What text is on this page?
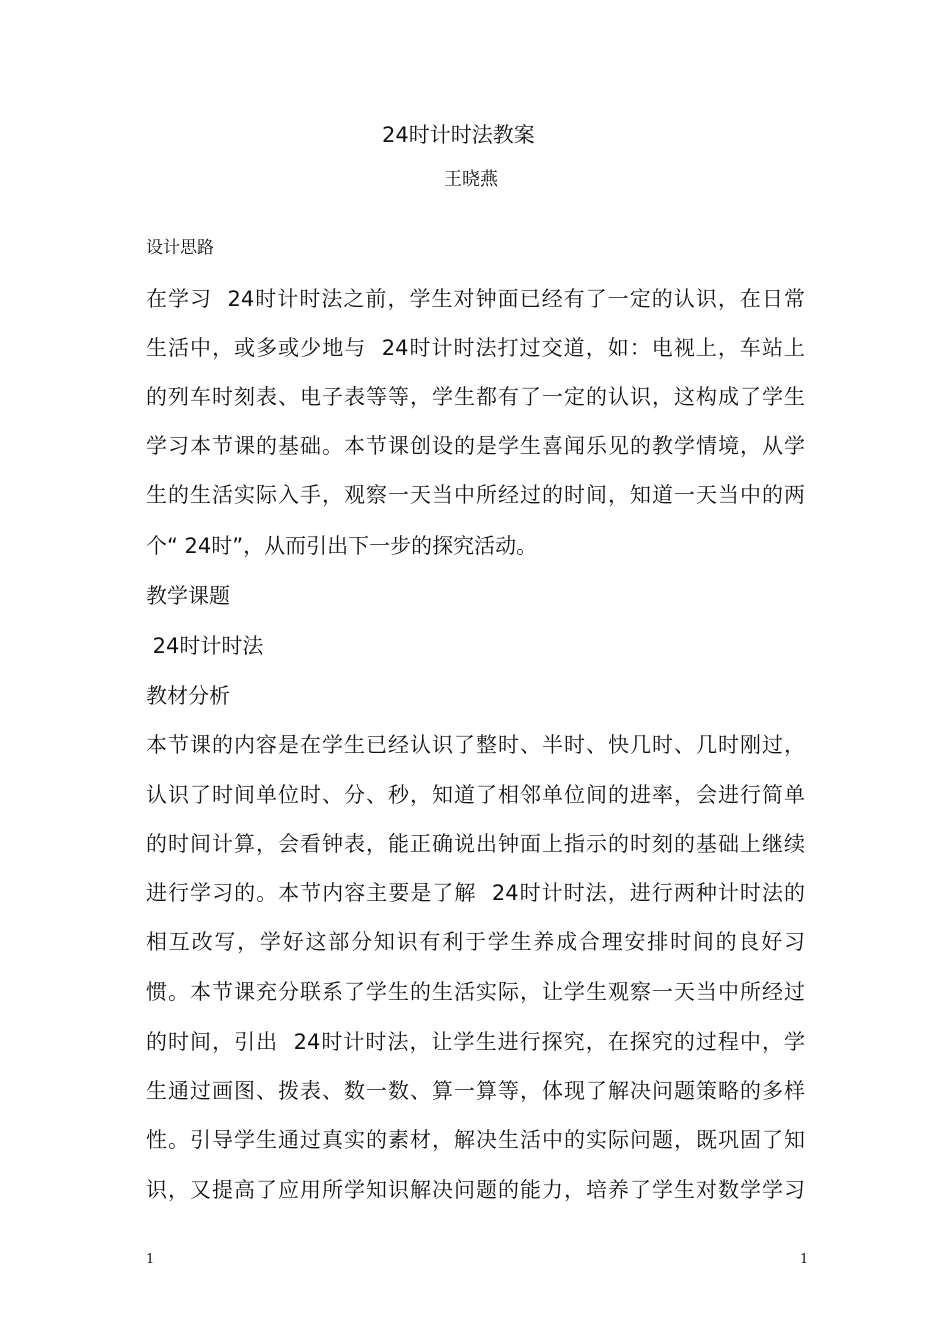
24时计时法教案
王晓燕
设计思路
在学习  24时计时法之前，学生对钟面已经有了一定的认识，在日常
生活中，或多或少地与  24时计时法打过交道，如：电视上，车站上
的列车时刻表、电子表等等，学生都有了一定的认识，这构成了学生
学习本节课的基础。本节课创设的是学生喜闻乐见的教学情境，从学
生的生活实际入手，观察一天当中所经过的时间，知道一天当中的两
个“ 24时”，从而引出下一步的探究活动。
教学课题
24时计时法
教材分析
本节课的内容是在学生已经认识了整时、半时、快几时、几时刚过，
认识了时间单位时、分、秒，知道了相邻单位间的进率，会进行简单
的时间计算，会看钟表，能正确说出钟面上指示的时刻的基础上继续
进行学习的。本节内容主要是了解  24时计时法，进行两种计时法的
相互改写，学好这部分知识有利于学生养成合理安排时间的良好习
惯。本节课充分联系了学生的生活实际，让学生观察一天当中所经过
的时间，引出  24时计时法，让学生进行探究，在探究的过程中，学
生通过画图、拨表、数一数、算一算等，体现了解决问题策略的多样
性。引导学生通过真实的素材，解决生活中的实际问题，既巩固了知
识，又提高了应用所学知识解决问题的能力，培养了学生对数学学习
1	1
